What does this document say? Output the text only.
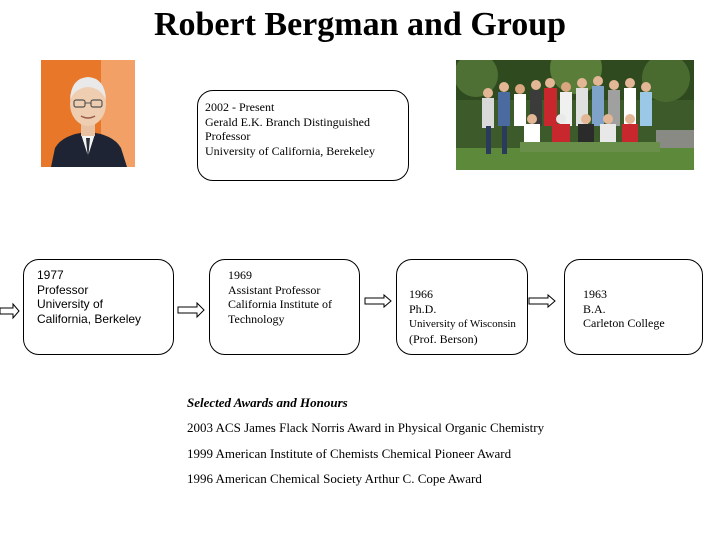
Robert Bergman and Group
2002 - Present
Gerald E.K. Branch Distinguished
Professor
University of California, Berekeley
1977
Professor
University of
California, Berkeley
1969
Assistant Professor
California Institute of
Technology
1966
Ph.D.
University of Wisconsin
(Prof. Berson)
1963
B.A.
Carleton College
Selected Awards and Honours
2003 ACS James Flack Norris Award in Physical Organic Chemistry
1999 American Institute of Chemists Chemical Pioneer Award
1996 American Chemical Society Arthur C. Cope Award
